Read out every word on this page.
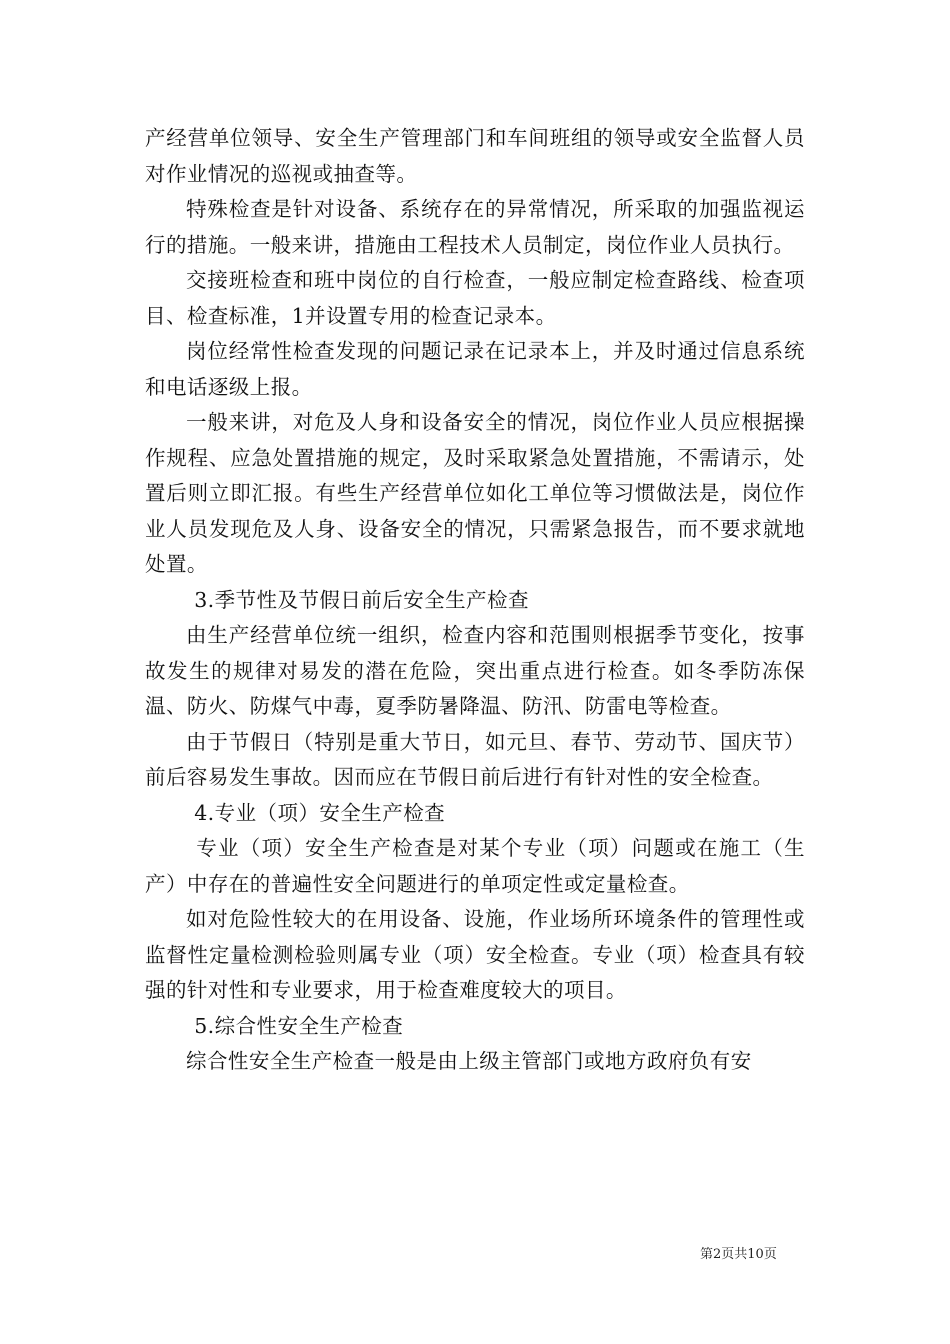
产经营单位领导、安全生产管理部门和车间班组的领导或安全监督人员对作业情况的巡视或抽查等。

特殊检查是针对设备、系统存在的异常情况，所采取的加强监视运行的措施。一般来讲，措施由工程技术人员制定，岗位作业人员执行。

交接班检查和班中岗位的自行检查，一般应制定检查路线、检查项目、检查标准，1并设置专用的检查记录本。

岗位经常性检查发现的问题记录在记录本上，并及时通过信息系统和电话逐级上报。

一般来讲，对危及人身和设备安全的情况，岗位作业人员应根据操作规程、应急处置措施的规定，及时采取紧急处置措施，不需请示，处置后则立即汇报。有些生产经营单位如化工单位等习惯做法是，岗位作业人员发现危及人身、设备安全的情况，只需紧急报告，而不要求就地处置。

3.季节性及节假日前后安全生产检查

由生产经营单位统一组织，检查内容和范围则根据季节变化，按事故发生的规律对易发的潜在危险，突出重点进行检查。如冬季防冻保温、防火、防煤气中毒，夏季防暑降温、防汛、防雷电等检查。

由于节假日（特别是重大节日，如元旦、春节、劳动节、国庆节）前后容易发生事故。因而应在节假日前后进行有针对性的安全检查。

4.专业（项）安全生产检查

专业（项）安全生产检查是对某个专业（项）问题或在施工（生产）中存在的普遍性安全问题进行的单项定性或定量检查。

如对危险性较大的在用设备、设施，作业场所环境条件的管理性或监督性定量检测检验则属专业（项）安全检查。专业（项）检查具有较强的针对性和专业要求，用于检查难度较大的项目。

5.综合性安全生产检查

综合性安全生产检查一般是由上级主管部门或地方政府负有安

第2页共10页
